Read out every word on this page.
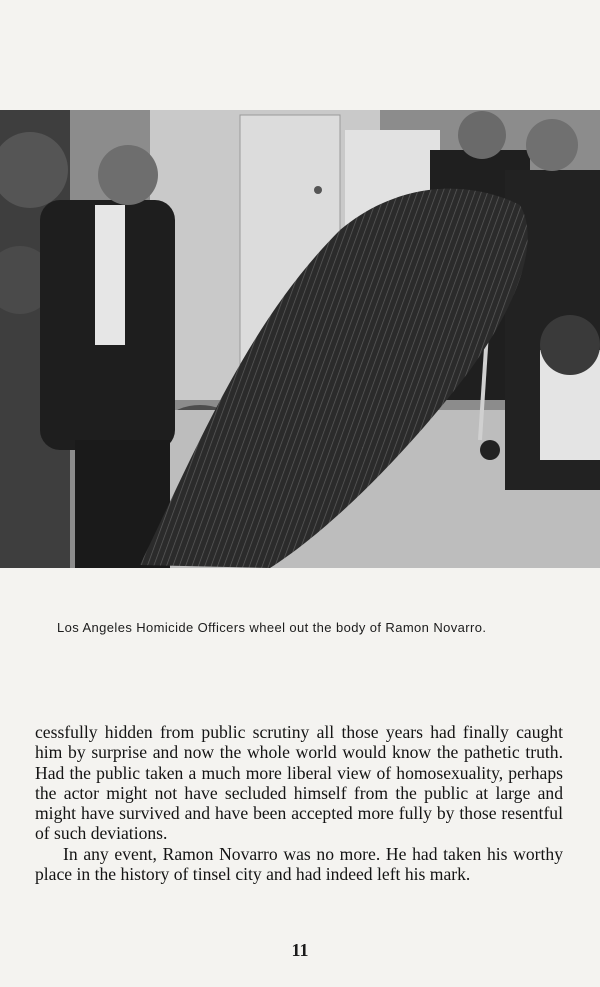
Los Angeles Homicide Officers wheel out the body of Ramon Novarro.

cessfully hidden from public scrutiny all those years had finally caught him by surprise and now the whole world would know the pathetic truth. Had the public taken a much more liberal view of homosexuality, perhaps the actor might not have secluded himself from the public at large and might have survived and have been accepted more fully by those resentful of such deviations.

In any event, Ramon Novarro was no more. He had taken his worthy place in the history of tinsel city and had indeed left his mark.

11
